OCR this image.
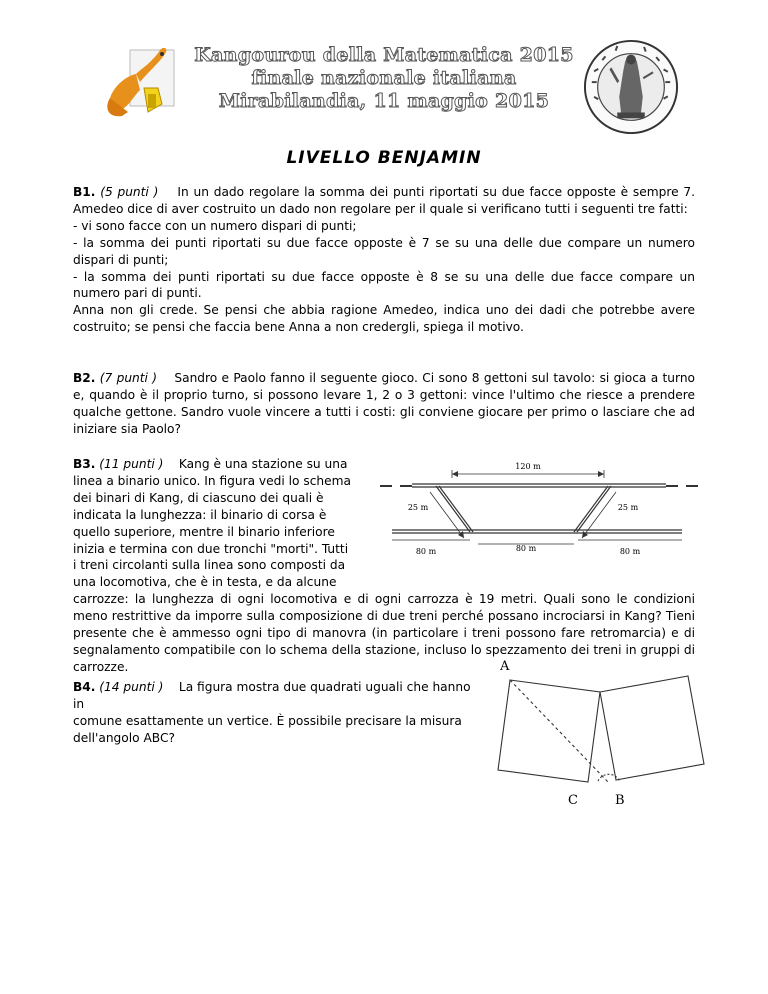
Kangourou della Matematica 2015
finale nazionale italiana
Mirabilandia, 11 maggio 2015
LIVELLO BENJAMIN
B1. (5 punti ) In un dado regolare la somma dei punti riportati su due facce opposte è sempre 7. Amedeo dice di aver costruito un dado non regolare per il quale si verificano tutti i seguenti tre fatti:
- vi sono facce con un numero dispari di punti;
- la somma dei punti riportati su due facce opposte è 7 se su una delle due compare un numero dispari di punti;
- la somma dei punti riportati su due facce opposte è 8 se su una delle due facce compare un numero pari di punti.
Anna non gli crede. Se pensi che abbia ragione Amedeo, indica uno dei dadi che potrebbe avere costruito; se pensi che faccia bene Anna a non credergli, spiega il motivo.
B2. (7 punti ) Sandro e Paolo fanno il seguente gioco. Ci sono 8 gettoni sul tavolo: si gioca a turno e, quando è il proprio turno, si possono levare 1, 2 o 3 gettoni: vince l'ultimo che riesce a prendere qualche gettone. Sandro vuole vincere a tutti i costi: gli conviene giocare per primo o lasciare che ad iniziare sia Paolo?
B3. (11 punti ) Kang è una stazione su una
linea a binario unico. In figura vedi lo schema
dei binari di Kang, di ciascuno dei quali è
indicata la lunghezza: il binario di corsa è
quello superiore, mentre il binario inferiore
inizia e termina con due tronchi "morti". Tutti
i treni circolanti sulla linea sono composti da
una locomotiva, che è in testa, e da alcune
carrozze: la lunghezza di ogni locomotiva e di ogni carrozza è 19 metri. Quali sono le condizioni meno restrittive da imporre sulla composizione di due treni perché possano incrociarsi in Kang? Tieni presente che è ammesso ogni tipo di manovra (in particolare i treni possono fare retromarcia) e di segnalamento compatibile con lo schema della stazione, incluso lo spezzamento dei treni in gruppi di carrozze.
120 m
25 m	25 m
80 m	80 m	80 m
B4. (14 punti ) La figura mostra due quadrati uguali che hanno in
comune esattamente un vertice. È possibile precisare la misura
dell'angolo ABC?
A
C	B
